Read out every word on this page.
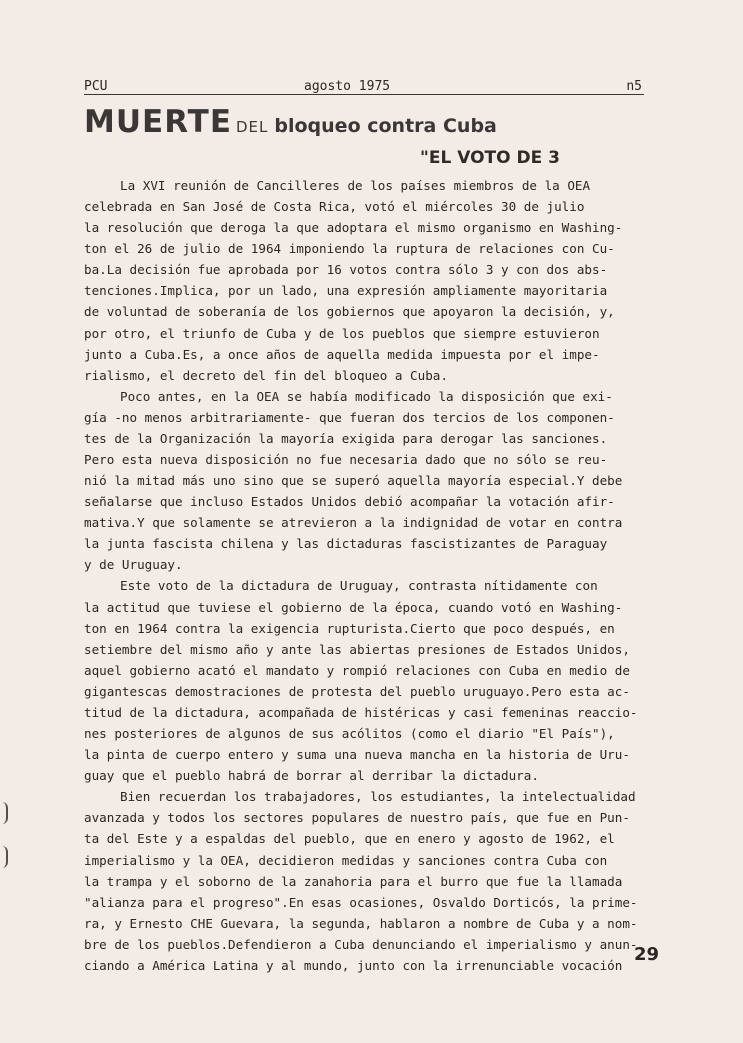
PCU	agosto 1975	n5
MUERTE DEL bloqueo contra Cuba
"EL VOTO DE 3
La XVI reunión de Cancilleres de los países miembros de la OEA
celebrada en San José de Costa Rica, votó el miércoles 30 de julio
la resolución que deroga la que adoptara el mismo organismo en Washing-
ton el 26 de julio de 1964 imponiendo la ruptura de relaciones con Cu-
ba.La decisión fue aprobada por 16 votos contra sólo 3 y con dos abs-
tenciones.Implica, por un lado, una expresión ampliamente mayoritaria
de voluntad de soberanía de los gobiernos que apoyaron la decisión, y,
por otro, el triunfo de Cuba y de los pueblos que siempre estuvieron
junto a Cuba.Es, a once años de aquella medida impuesta por el impe-
rialismo, el decreto del fin del bloqueo a Cuba.
Poco antes, en la OEA se había modificado la disposición que exi-
gía -no menos arbitrariamente- que fueran dos tercios de los componen-
tes de la Organización la mayoría exigida para derogar las sanciones.
Pero esta nueva disposición no fue necesaria dado que no sólo se reu-
nió la mitad más uno sino que se superó aquella mayoría especial.Y debe
señalarse que incluso Estados Unidos debió acompañar la votación afir-
mativa.Y que solamente se atrevieron a la indignidad de votar en contra
la junta fascista chilena y las dictaduras fascistizantes de Paraguay
y de Uruguay.
Este voto de la dictadura de Uruguay, contrasta nítidamente con
la actitud que tuviese el gobierno de la época, cuando votó en Washing-
ton en 1964 contra la exigencia rupturista.Cierto que poco después, en
setiembre del mismo año y ante las abiertas presiones de Estados Unidos,
aquel gobierno acató el mandato y rompió relaciones con Cuba en medio de
gigantescas demostraciones de protesta del pueblo uruguayo.Pero esta ac-
titud de la dictadura, acompañada de histéricas y casi femeninas reaccio-
nes posteriores de algunos de sus acólitos (como el diario "El País"),
la pinta de cuerpo entero y suma una nueva mancha en la historia de Uru-
guay que el pueblo habrá de borrar al derribar la dictadura.
Bien recuerdan los trabajadores, los estudiantes, la intelectualidad
avanzada y todos los sectores populares de nuestro país, que fue en Pun-
ta del Este y a espaldas del pueblo, que en enero y agosto de 1962, el
imperialismo y la OEA, decidieron medidas y sanciones contra Cuba con
la trampa y el soborno de la zanahoria para el burro que fue la llamada
"alianza para el progreso".En esas ocasiones, Osvaldo Dorticós, la prime-
ra, y Ernesto CHE Guevara, la segunda, hablaron a nombre de Cuba y a nom-
bre de los pueblos.Defendieron a Cuba denunciando el imperialismo y anun-
ciando a América Latina y al mundo, junto con la irrenunciable vocación
29
